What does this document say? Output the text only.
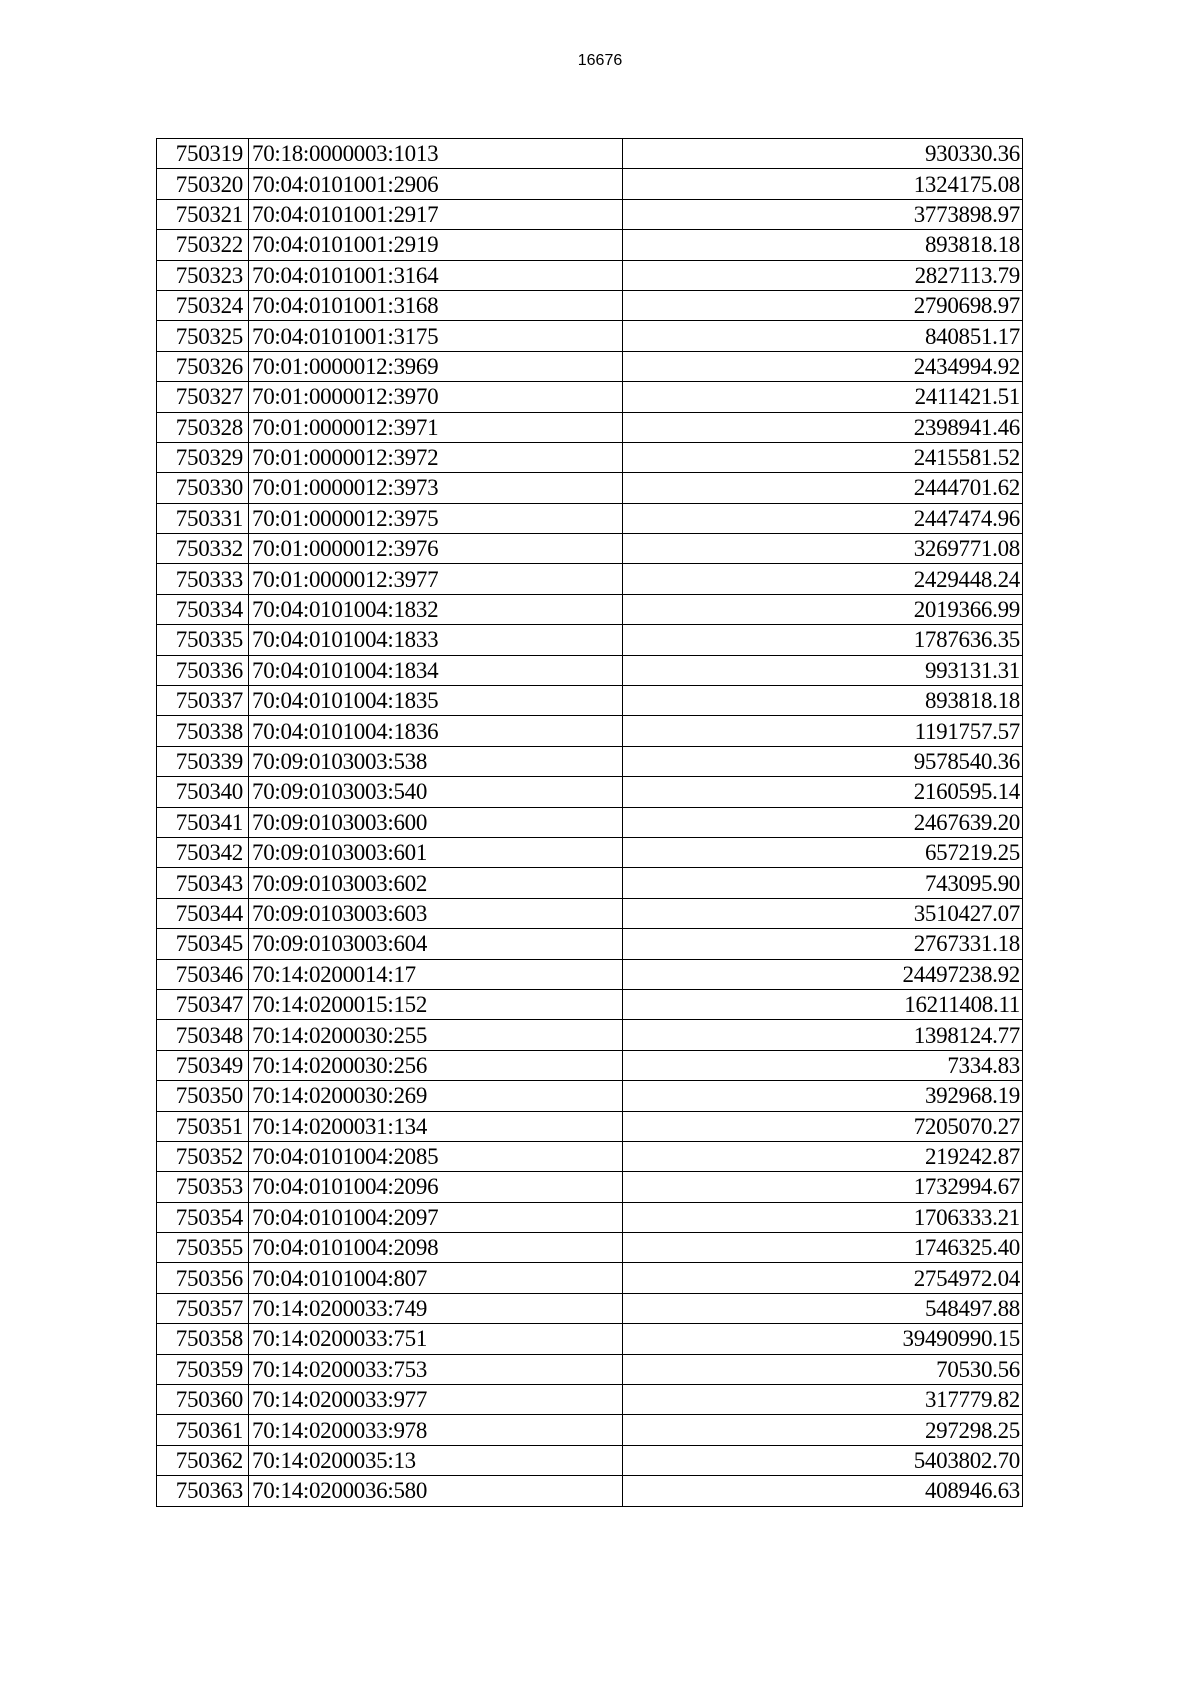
16676
750319	70:18:0000003:1013	930330.36
750320	70:04:0101001:2906	1324175.08
750321	70:04:0101001:2917	3773898.97
750322	70:04:0101001:2919	893818.18
750323	70:04:0101001:3164	2827113.79
750324	70:04:0101001:3168	2790698.97
750325	70:04:0101001:3175	840851.17
750326	70:01:0000012:3969	2434994.92
750327	70:01:0000012:3970	2411421.51
750328	70:01:0000012:3971	2398941.46
750329	70:01:0000012:3972	2415581.52
750330	70:01:0000012:3973	2444701.62
750331	70:01:0000012:3975	2447474.96
750332	70:01:0000012:3976	3269771.08
750333	70:01:0000012:3977	2429448.24
750334	70:04:0101004:1832	2019366.99
750335	70:04:0101004:1833	1787636.35
750336	70:04:0101004:1834	993131.31
750337	70:04:0101004:1835	893818.18
750338	70:04:0101004:1836	1191757.57
750339	70:09:0103003:538	9578540.36
750340	70:09:0103003:540	2160595.14
750341	70:09:0103003:600	2467639.20
750342	70:09:0103003:601	657219.25
750343	70:09:0103003:602	743095.90
750344	70:09:0103003:603	3510427.07
750345	70:09:0103003:604	2767331.18
750346	70:14:0200014:17	24497238.92
750347	70:14:0200015:152	16211408.11
750348	70:14:0200030:255	1398124.77
750349	70:14:0200030:256	7334.83
750350	70:14:0200030:269	392968.19
750351	70:14:0200031:134	7205070.27
750352	70:04:0101004:2085	219242.87
750353	70:04:0101004:2096	1732994.67
750354	70:04:0101004:2097	1706333.21
750355	70:04:0101004:2098	1746325.40
750356	70:04:0101004:807	2754972.04
750357	70:14:0200033:749	548497.88
750358	70:14:0200033:751	39490990.15
750359	70:14:0200033:753	70530.56
750360	70:14:0200033:977	317779.82
750361	70:14:0200033:978	297298.25
750362	70:14:0200035:13	5403802.70
750363	70:14:0200036:580	408946.63
